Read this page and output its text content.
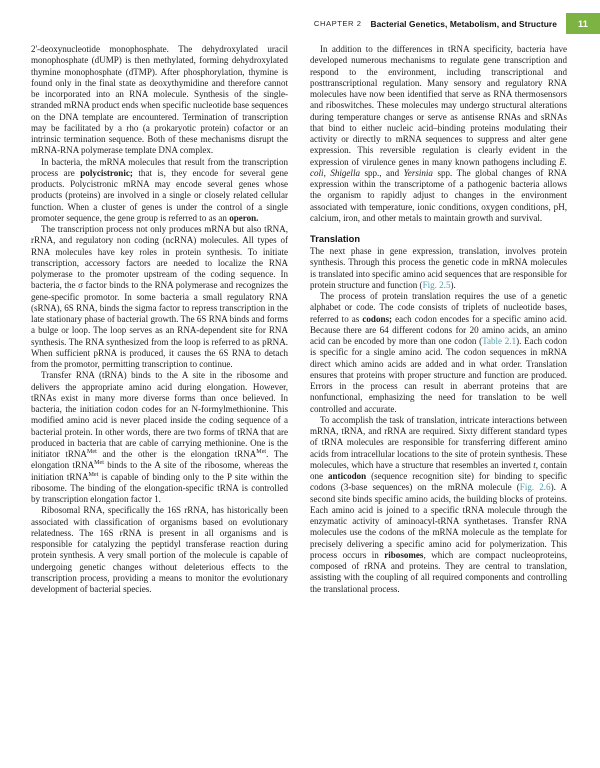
CHAPTER 2 Bacterial Genetics, Metabolism, and Structure	11

2'-deoxynucleotide monophosphate. The dehydroxylated uracil monophosphate (dUMP) is then methylated, forming dehydroxylated thymine monophosphate (dTMP). After phosphorylation, thymine is found only in the final state as deoxythymidine and therefore cannot be incorporated into an RNA molecule. Synthesis of the single-stranded mRNA product ends when specific nucleotide base sequences on the DNA template are encountered. Termination of transcription may be facilitated by a rho (a prokaryotic protein) cofactor or an intrinsic termination sequence. Both of these mechanisms disrupt the mRNA-RNA polymerase template DNA complex.

In bacteria, the mRNA molecules that result from the transcription process are polycistronic; that is, they encode for several gene products. Polycistronic mRNA may encode several genes whose products (proteins) are involved in a single or closely related cellular function. When a cluster of genes is under the control of a single promoter sequence, the gene group is referred to as an operon.

The transcription process not only produces mRNA but also tRNA, rRNA, and regulatory non coding (ncRNA) molecules. All types of RNA molecules have key roles in protein synthesis. To initiate transcription, accessory factors are needed to localize the RNA polymerase to the promoter upstream of the coding sequence. In bacteria, the σ factor binds to the RNA polymerase and recognizes the gene-specific promotor. In some bacteria a small regulatory RNA (sRNA), 6S RNA, binds the sigma factor to repress transcription in the late stationary phase of bacterial growth. The 6S RNA binds and forms a bulge or loop. The loop serves as an RNA-dependent site for RNA synthesis. The RNA synthesized from the loop is referred to as pRNA. When sufficient pRNA is produced, it causes the 6S RNA to detach from the promotor, permitting transcription to continue.

Transfer RNA (tRNA) binds to the A site in the ribosome and delivers the appropriate amino acid during elongation. However, tRNAs exist in many more diverse forms than once believed. In bacteria, the initiation codon codes for an N-formylmethionine. This modified amino acid is never placed inside the coding sequence of a bacterial protein. In other words, there are two forms of tRNA that are produced in bacteria that are cable of carrying methionine. One is the initiator tRNA$^{Met}$ and the other is the elongation tRNA$^{Met}$. The elongation tRNA$^{Met}$ binds to the A site of the ribosome, whereas the initiation tRNA$^{Met}$ is capable of binding only to the P site within the ribosome. The binding of the elongation-specific tRNA is controlled by transcription elongation factor 1.

Ribosomal RNA, specifically the 16S rRNA, has historically been associated with classification of organisms based on evolutionary relatedness. The 16S rRNA is present in all organisms and is responsible for catalyzing the peptidyl transferase reaction during protein synthesis. A very small portion of the molecule is capable of undergoing genetic changes without deleterious effects to the transcription process, providing a means to monitor the evolutionary development of bacterial species.

In addition to the differences in tRNA specificity, bacteria have developed numerous mechanisms to regulate gene transcription and respond to the environment, including transcriptional and posttranscriptional regulation. Many sensory and regulatory RNA molecules have now been identified that serve as RNA thermosensors and riboswitches. These molecules may undergo structural alterations during temperature changes or serve as antisense RNAs and sRNAs that bind to either nucleic acid–binding proteins modulating their activity or directly to mRNA sequences to suppress and alter gene expression. This reversible regulation is clearly evident in the expression of virulence genes in many known pathogens including E. coli, Shigella spp., and Yersinia spp. The global changes of RNA expression within the transcriptome of a pathogenic bacteria allows the organism to rapidly adjust to changes in the environment associated with temperature, ionic conditions, oxygen conditions, pH, calcium, iron, and other metals to maintain growth and survival.

Translation

The next phase in gene expression, translation, involves protein synthesis. Through this process the genetic code in mRNA molecules is translated into specific amino acid sequences that are responsible for protein structure and function (Fig. 2.5).

The process of protein translation requires the use of a genetic alphabet or code. The code consists of triplets of nucleotide bases, referred to as codons; each codon encodes for a specific amino acid. Because there are 64 different codons for 20 amino acids, an amino acid can be encoded by more than one codon (Table 2.1). Each codon is specific for a single amino acid. The codon sequences in mRNA direct which amino acids are added and in what order. Translation ensures that proteins with proper structure and function are produced. Errors in the process can result in aberrant proteins that are nonfunctional, emphasizing the need for translation to be well controlled and accurate.

To accomplish the task of translation, intricate interactions between mRNA, tRNA, and rRNA are required. Sixty different standard types of tRNA molecules are responsible for transferring different amino acids from intracellular locations to the site of protein synthesis. These molecules, which have a structure that resembles an inverted t, contain one anticodon (sequence recognition site) for binding to specific codons (3-base sequences) on the mRNA molecule (Fig. 2.6). A second site binds specific amino acids, the building blocks of proteins. Each amino acid is joined to a specific tRNA molecule through the enzymatic activity of aminoacyl-tRNA synthetases. Transfer RNA molecules use the codons of the mRNA molecule as the template for precisely delivering a specific amino acid for polymerization. This process occurs in ribosomes, which are compact nucleoproteins, composed of rRNA and proteins. They are central to translation, assisting with the coupling of all required components and controlling the translational process.
